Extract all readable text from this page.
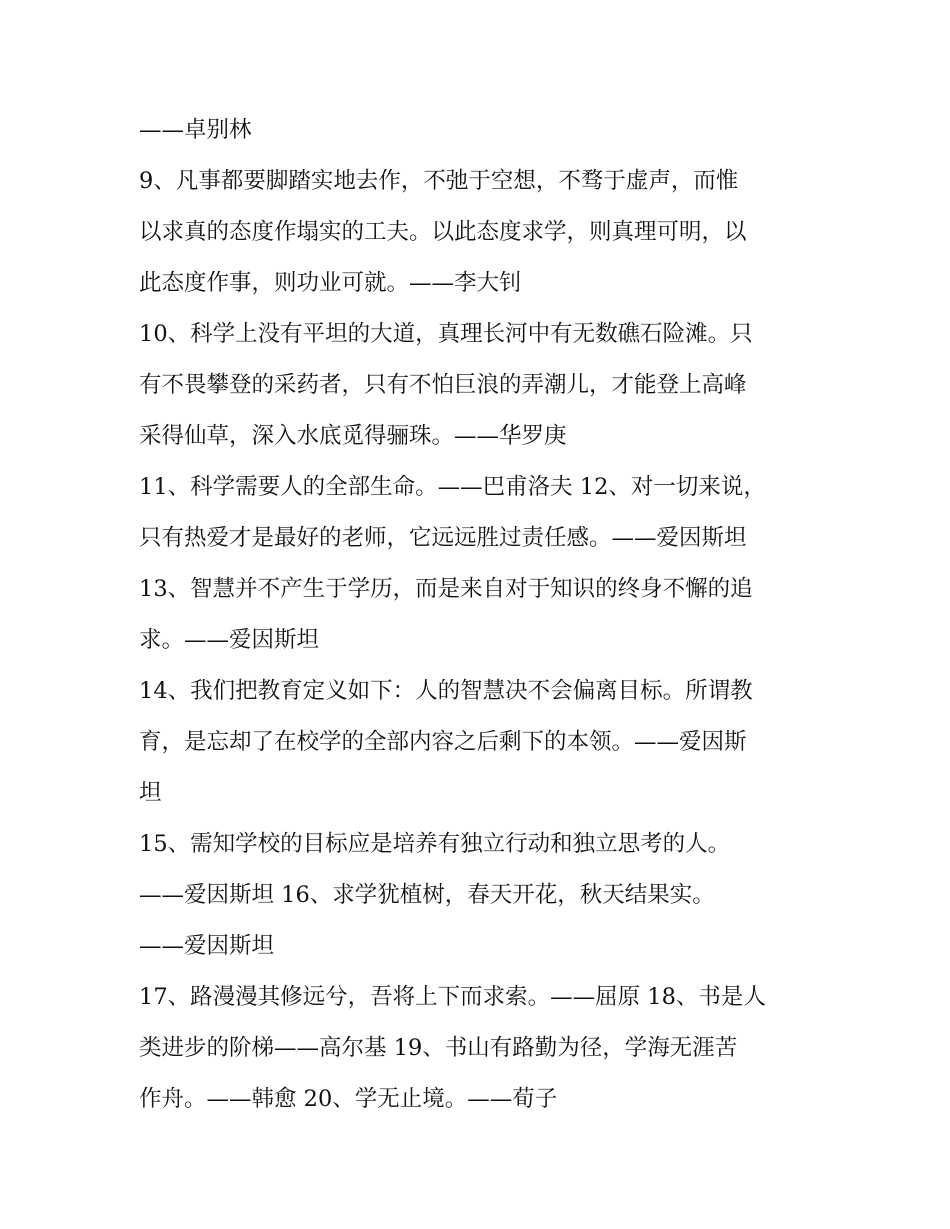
——卓别林
9、凡事都要脚踏实地去作，不弛于空想，不骛于虚声，而惟
以求真的态度作塌实的工夫。以此态度求学，则真理可明，以
此态度作事，则功业可就。——李大钊
10、科学上没有平坦的大道，真理长河中有无数礁石险滩。只
有不畏攀登的采药者，只有不怕巨浪的弄潮儿，才能登上高峰
采得仙草，深入水底觅得骊珠。——华罗庚
11、科学需要人的全部生命。——巴甫洛夫 12、对一切来说，
只有热爱才是最好的老师，它远远胜过责任感。——爱因斯坦
13、智慧并不产生于学历，而是来自对于知识的终身不懈的追
求。——爱因斯坦
14、我们把教育定义如下：人的智慧决不会偏离目标。所谓教
育，是忘却了在校学的全部内容之后剩下的本领。——爱因斯
坦
15、需知学校的目标应是培养有独立行动和独立思考的人。
——爱因斯坦 16、求学犹植树，春天开花，秋天结果实。
——爱因斯坦
17、路漫漫其修远兮，吾将上下而求索。——屈原 18、书是人
类进步的阶梯——高尔基 19、书山有路勤为径，学海无涯苦
作舟。——韩愈 20、学无止境。——荀子
